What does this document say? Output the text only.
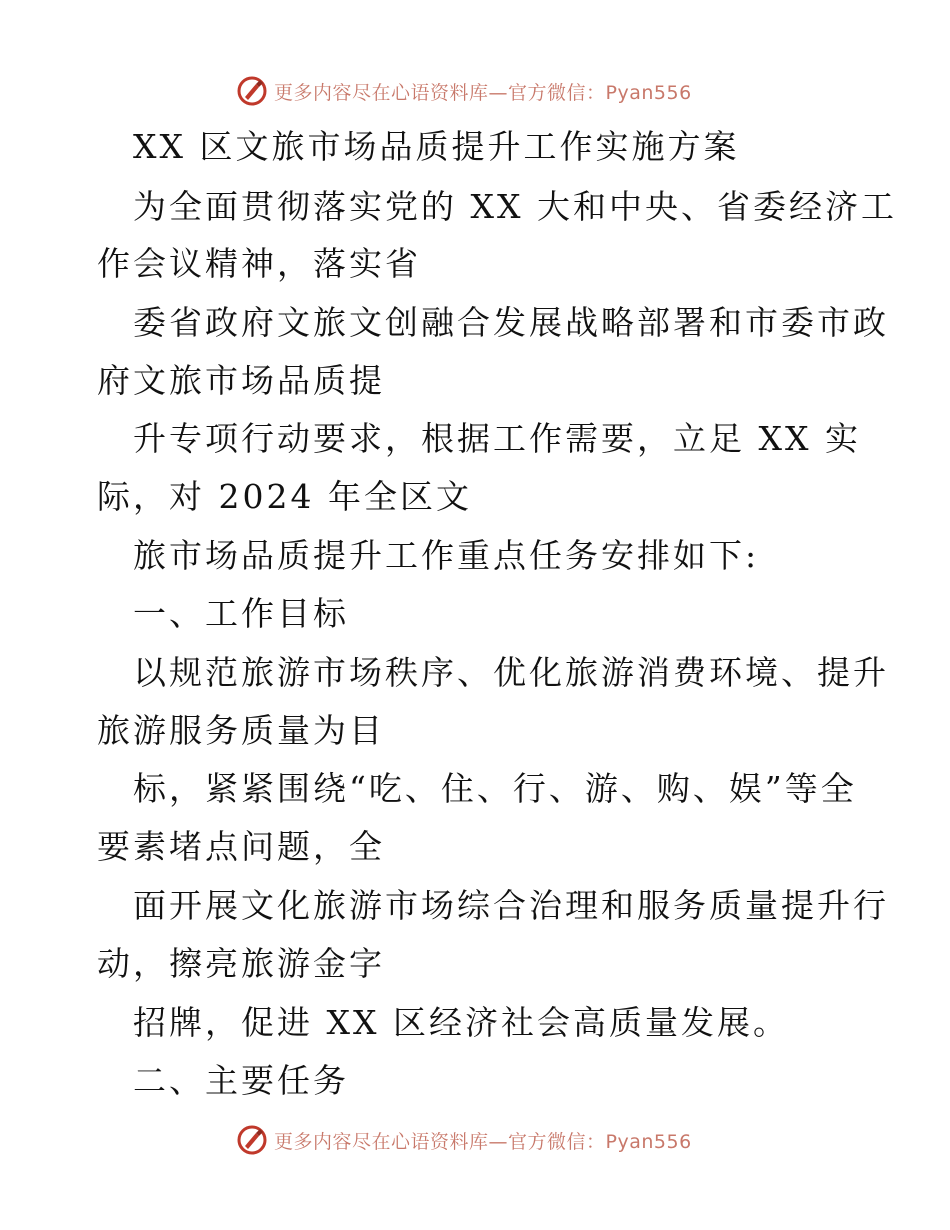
更多内容尽在心语资料库—官方微信：Pyan556
XX 区文旅市场品质提升工作实施方案
为全面贯彻落实党的 XX 大和中央、省委经济工
作会议精神，落实省
委省政府文旅文创融合发展战略部署和市委市政
府文旅市场品质提
升专项行动要求，根据工作需要，立足 XX 实
际，对 2024 年全区文
旅市场品质提升工作重点任务安排如下:
一、工作目标
以规范旅游市场秩序、优化旅游消费环境、提升
旅游服务质量为目
标，紧紧围绕“吃、住、行、游、购、娱”等全
要素堵点问题，全
面开展文化旅游市场综合治理和服务质量提升行
动，擦亮旅游金字
招牌，促进 XX 区经济社会高质量发展。
二、主要任务
更多内容尽在心语资料库—官方微信：Pyan556
